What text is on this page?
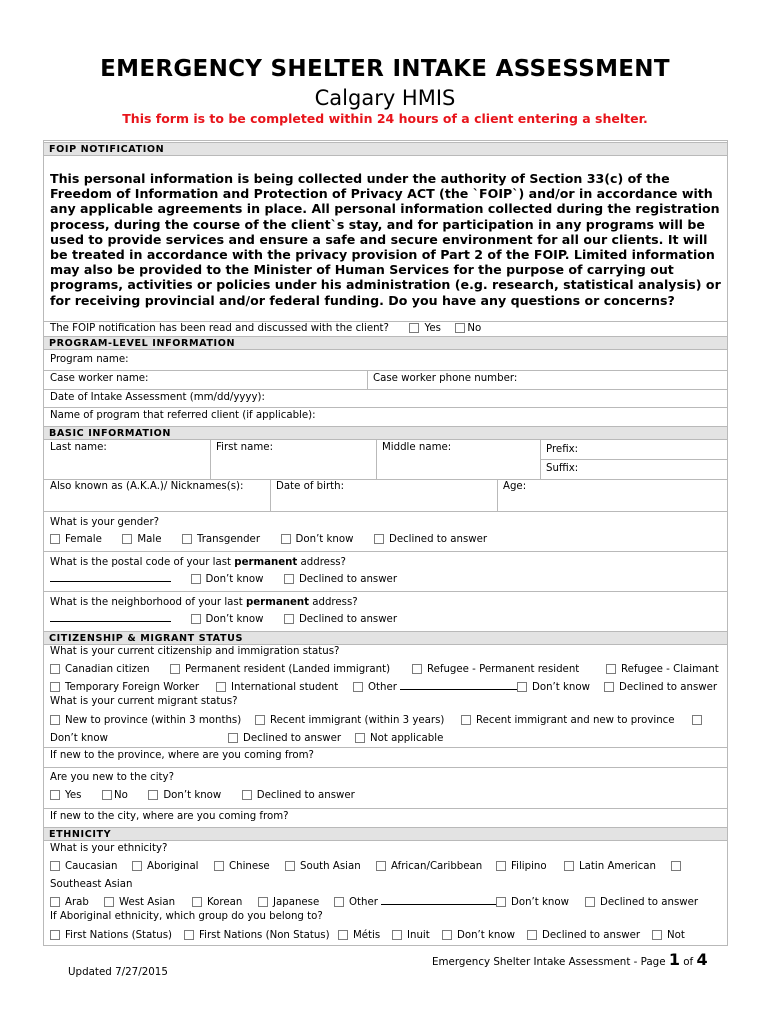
EMERGENCY SHELTER INTAKE ASSESSMENT
Calgary HMIS
This form is to be completed within 24 hours of a client entering a shelter.
FOIP NOTIFICATION
This personal information is being collected under the authority of Section 33(c) of the Freedom of Information and Protection of Privacy ACT (the `FOIP`) and/or in accordance with any applicable agreements in place. All personal information collected during the registration process, during the course of the client`s stay, and for participation in any programs will be used to provide services and ensure a safe and secure environment for all our clients. It will be treated in accordance with the privacy provision of Part 2 of the FOIP. Limited information may also be provided to the Minister of Human Services for the purpose of carrying out programs, activities or policies under his administration (e.g. research, statistical analysis) or for receiving provincial and/or federal funding. Do you have any questions or concerns?
The FOIP notification has been read and discussed with the client?	Yes	No
PROGRAM-LEVEL INFORMATION
Program name:
Case worker name:	Case worker phone number:
Date of Intake Assessment (mm/dd/yyyy):
Name of program that referred client (if applicable):
BASIC INFORMATION
Last name:	First name:	Middle name:	Prefix:
Suffix:
Also known as (A.K.A.)/ Nicknames(s):	Date of birth:	Age:
What is your gender?
Female	Male	Transgender	Don’t know	Declined to answer
What is the postal code of your last permanent address?
Don’t know	Declined to answer
What is the neighborhood of your last permanent address?
Don’t know	Declined to answer
CITIZENSHIP & MIGRANT STATUS
What is your current citizenship and immigration status?
Canadian citizen	Permanent resident (Landed immigrant)	Refugee - Permanent resident	Refugee - Claimant
Temporary Foreign Worker	International student	Other	Don’t know	Declined to answer
What is your current migrant status?
New to province (within 3 months)	Recent immigrant (within 3 years)	Recent immigrant and new to province
Don’t know	Declined to answer	Not applicable
If new to the province, where are you coming from?
Are you new to the city?
Yes	No	Don’t know	Declined to answer
If new to the city, where are you coming from?
ETHNICITY
What is your ethnicity?
Caucasian	Aboriginal	Chinese	South Asian	African/Caribbean	Filipino	Latin American
Southeast Asian
Arab	West Asian	Korean	Japanese	Other	Don’t know	Declined to answer
If Aboriginal ethnicity, which group do you belong to?
First Nations (Status)	First Nations (Non Status)	Métis	Inuit	Don’t know	Declined to answer	Not
Emergency Shelter Intake Assessment - Page 1 of 4
Updated 7/27/2015
